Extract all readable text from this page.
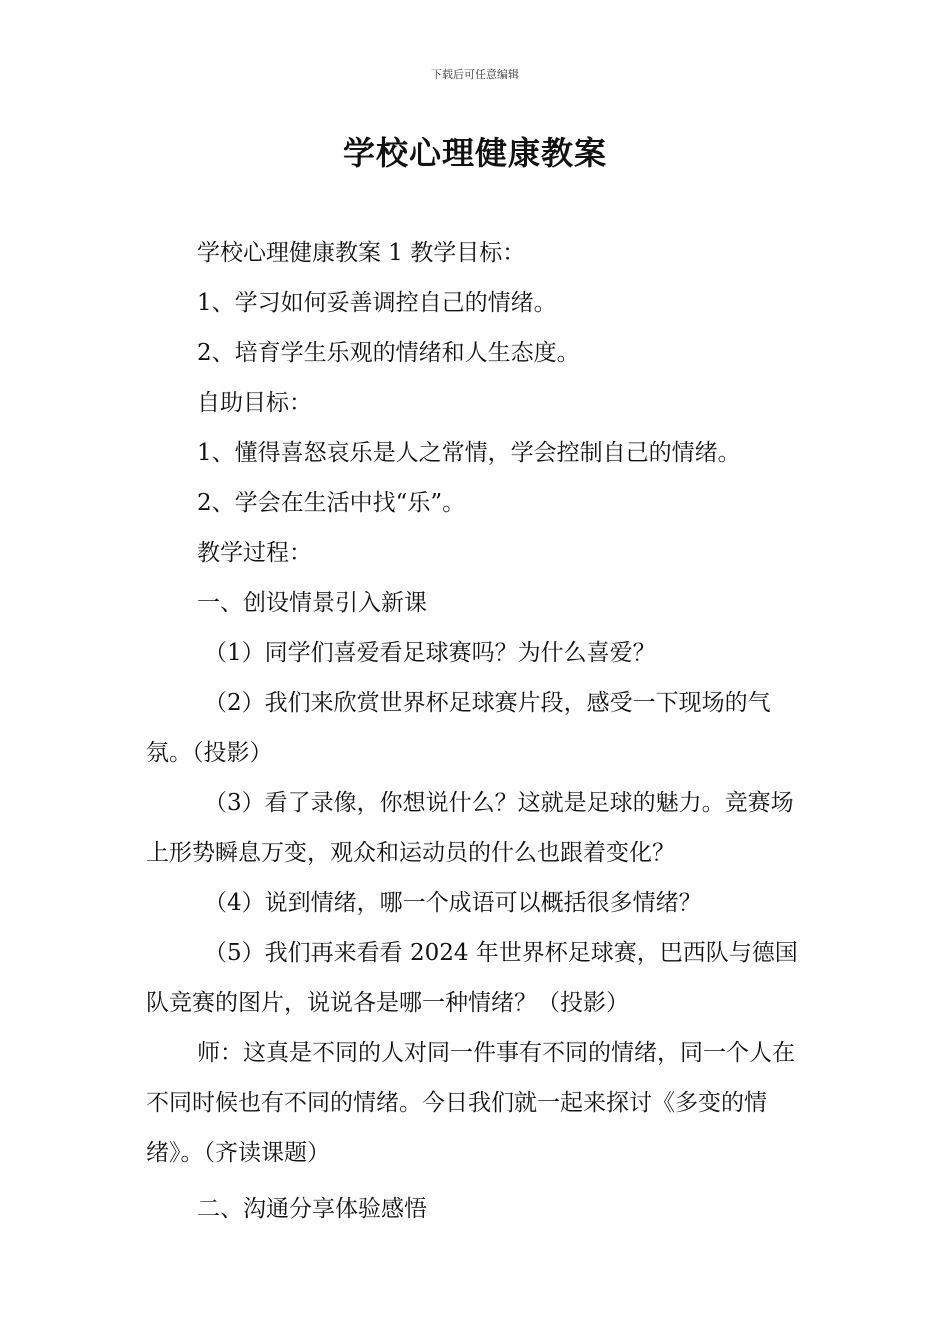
下载后可任意编辑
学校心理健康教案
学校心理健康教案 1 教学目标：
1、学习如何妥善调控自己的情绪。
2、培育学生乐观的情绪和人生态度。
自助目标：
1、懂得喜怒哀乐是人之常情，学会控制自己的情绪。
2、学会在生活中找“乐”。
教学过程：
一、创设情景引入新课
（1）同学们喜爱看足球赛吗？为什么喜爱？
（2）我们来欣赏世界杯足球赛片段，感受一下现场的气氛。（投影）
（3）看了录像，你想说什么？这就是足球的魅力。竞赛场上形势瞬息万变，观众和运动员的什么也跟着变化？
（4）说到情绪，哪一个成语可以概括很多情绪？
（5）我们再来看看 2024 年世界杯足球赛，巴西队与德国队竞赛的图片，说说各是哪一种情绪？（投影）
师：这真是不同的人对同一件事有不同的情绪，同一个人在不同时候也有不同的情绪。今日我们就一起来探讨《多变的情绪》。（齐读课题）
二、沟通分享体验感悟
